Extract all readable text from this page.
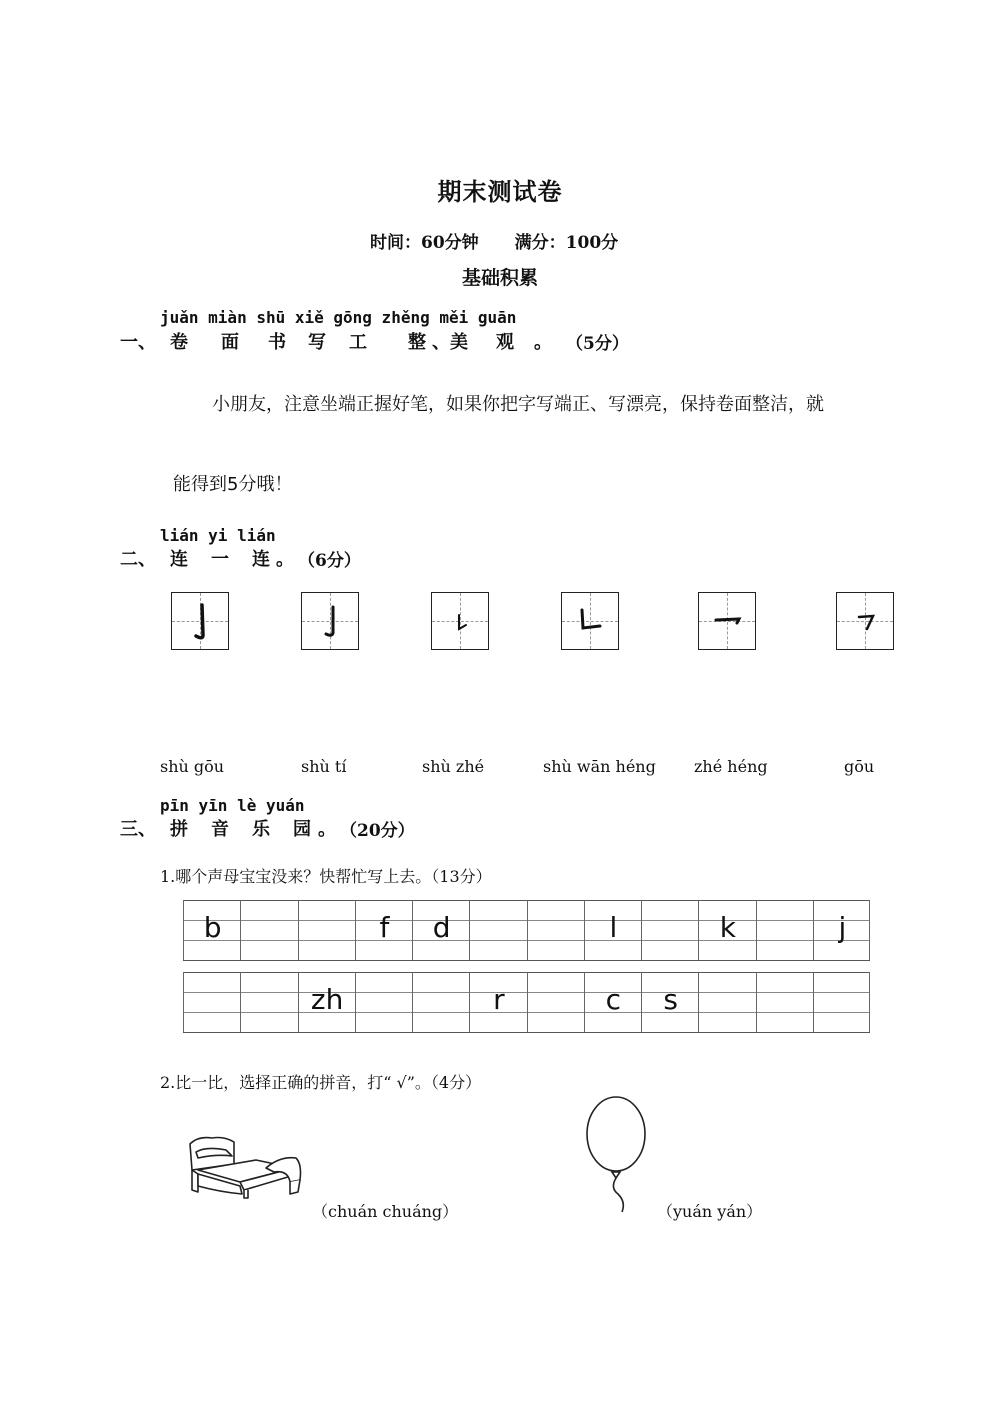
期末测试卷
时间：60分钟 满分：100分
基础积累
juǎn miàn shū xiě gōng zhěng měi guān
一、 卷 面 书 写 工 整 、美 观 。 （5分）
小朋友，注意坐端正握好笔，如果你把字写端正、写漂亮，保持卷面整洁，就
能得到5分哦！
lián yi lián
二、 连 一 连 。 （6分）
shù gōu	shù tí	shù zhé	shù wān héng zhé héng	gōu
pīn yīn lè yuán
三、 拼 音 乐 园 。 （20分）
1.哪个声母宝宝没来？快帮忙写上去。（13分）
b	f	d	l	k	j
zh	r	c	s
2.比一比，选择正确的拼音，打“ √”。（4分）
（chuán chuáng）	（yuán yán）
